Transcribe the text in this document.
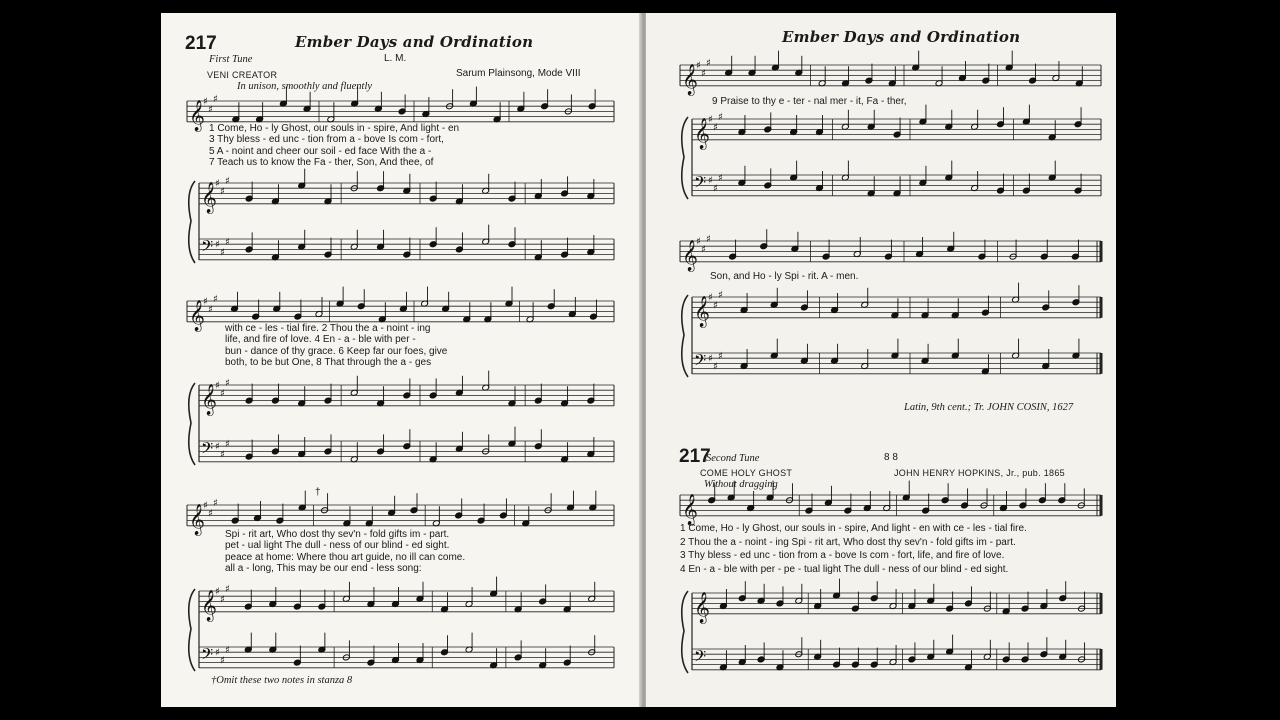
217	Ember Days and Ordination
First Tune	L. M.
VENI CREATOR	Sarum Plainsong, Mode VIII
In unison, smoothly and fluently
𝄞
♯
♯
♯
1 Come, Ho - ly Ghost, our souls in - spire, And light - en
3 Thy bless - ed unc - tion from a - bove Is com - fort,
5 A - noint and cheer our soil - ed face With the a -
7 Teach us to know the Fa - ther, Son, And thee, of
𝄞
♯
♯
♯
𝄢 ♯
♯
♯
𝄞
♯
♯
♯
with ce - les - tial fire. 2 Thou the a - noint - ing
life, and fire of love. 4 En - a - ble with per -
bun - dance of thy grace. 6 Keep far our foes, give
both, to be but One, 8 That through the a - ges
𝄞
♯
♯
♯
𝄢 ♯
♯
♯
†
𝄞
♯
♯
♯
Spi - rit art, Who dost thy sev'n - fold gifts im - part.
pet - ual light The dull - ness of our blind - ed sight.
peace at home: Where thou art guide, no ill can come.
all a - long, This may be our end - less song:
𝄞
♯
♯
♯
𝄢 ♯
♯
♯
†Omit these two notes in stanza 8
Ember Days and Ordination
𝄞
♯
♯
♯
9 Praise to thy e - ter - nal mer - it, Fa - ther,
𝄞
♯
♯
♯
𝄢 ♯
♯
♯
𝄞
♯
♯
♯
Son, and Ho - ly Spi - rit. A - men.
𝄞
♯
♯
♯
𝄢 ♯
♯
♯
Latin, 9th cent.; Tr. JOHN COSIN, 1627
217
Second Tune	8 8
COME HOLY GHOST	JOHN HENRY HOPKINS, Jr., pub. 1865
Without dragging
𝄞
1 Come, Ho - ly Ghost, our souls in - spire, And light - en with ce - les - tial fire.
2 Thou the a - noint - ing Spi - rit art, Who dost thy sev'n - fold gifts im - part.
3 Thy bless - ed unc - tion from a - bove Is com - fort, life, and fire of love.
4 En - a - ble with per - pe - tual light The dull - ness of our blind - ed sight.
𝄞
𝄢
